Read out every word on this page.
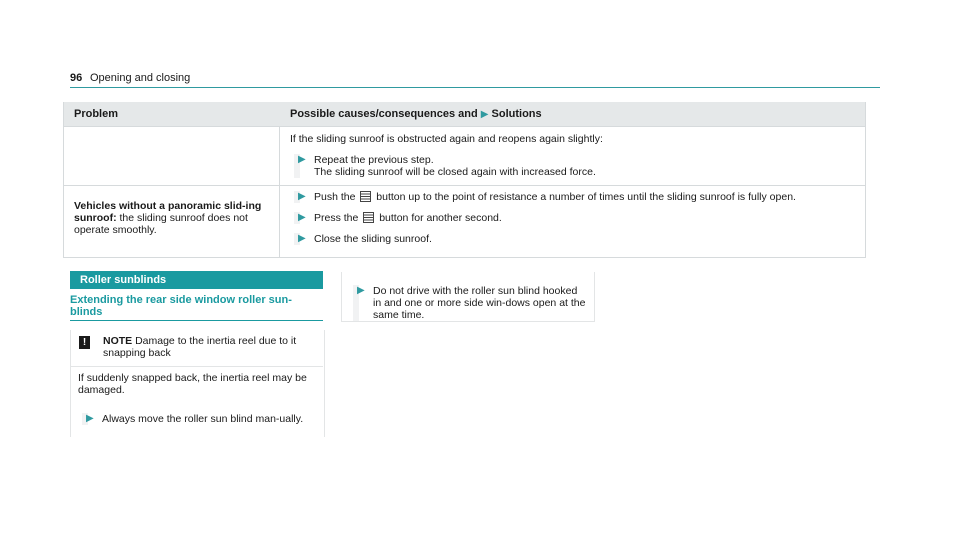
96 Opening and closing
Problem	Possible causes/consequences and ▶ Solutions
If the sliding sunroof is obstructed again and reopens again slightly:
▶ Repeat the previous step.
The sliding sunroof will be closed again with increased force.
Vehicles without a panoramic slid-ing sunroof: the sliding sunroof does not operate smoothly.
▶ Push the button up to the point of resistance a number of times until the sliding sunroof is fully open.
▶ Press the button for another second.
▶ Close the sliding sunroof.
Roller sunblinds
Extending the rear side window roller sun-blinds
!	NOTE Damage to the inertia reel due to it snapping back
If suddenly snapped back, the inertia reel may be damaged.
▶ Always move the roller sun blind man-ually.
▶ Do not drive with the roller sun blind hooked in and one or more side win-dows open at the same time.
